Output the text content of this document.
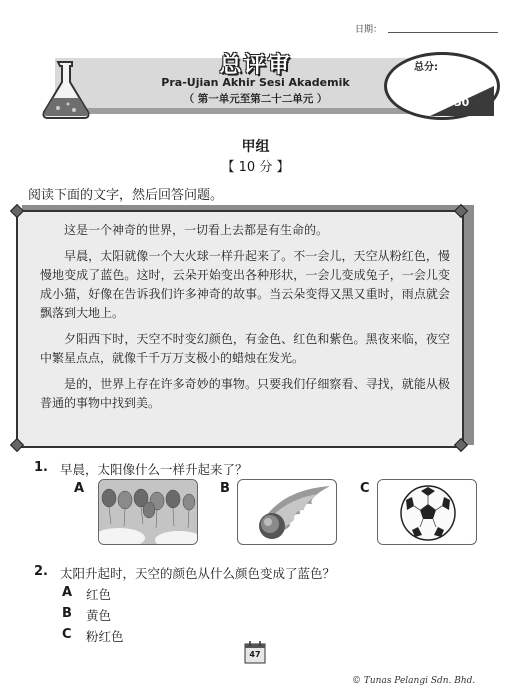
日期：
总评审
Pra-Ujian Akhir Sesi Akademik
（ 第一单元至第二十二单元 ）
总分:
50
甲组
【 10 分 】
阅读下面的文字，然后回答问题。

这是一个神奇的世界，一切看上去都是有生命的。

早晨，太阳就像一个大火球一样升起来了。不一会儿，天空从粉红色，慢慢地变成了蓝色。这时，云朵开始变出各种形状，一会儿变成兔子，一会儿变成小猫，好像在告诉我们许多神奇的故事。当云朵变得又黑又重时，雨点就会飘落到大地上。

夕阳西下时，天空不时变幻颜色，有金色、红色和紫色。黑夜来临，夜空中繁星点点，就像千千万万支极小的蜡烛在发光。

是的，世界上存在许多奇妙的事物。只要我们仔细察看、寻找，就能从极普通的事物中找到美。

1. 早晨，太阳像什么一样升起来了？
A	B	C
2. 太阳升起时，天空的颜色从什么颜色变成了蓝色？
A 红色
B 黄色
C 粉红色
47
© Tunas Pelangi Sdn. Bhd.
